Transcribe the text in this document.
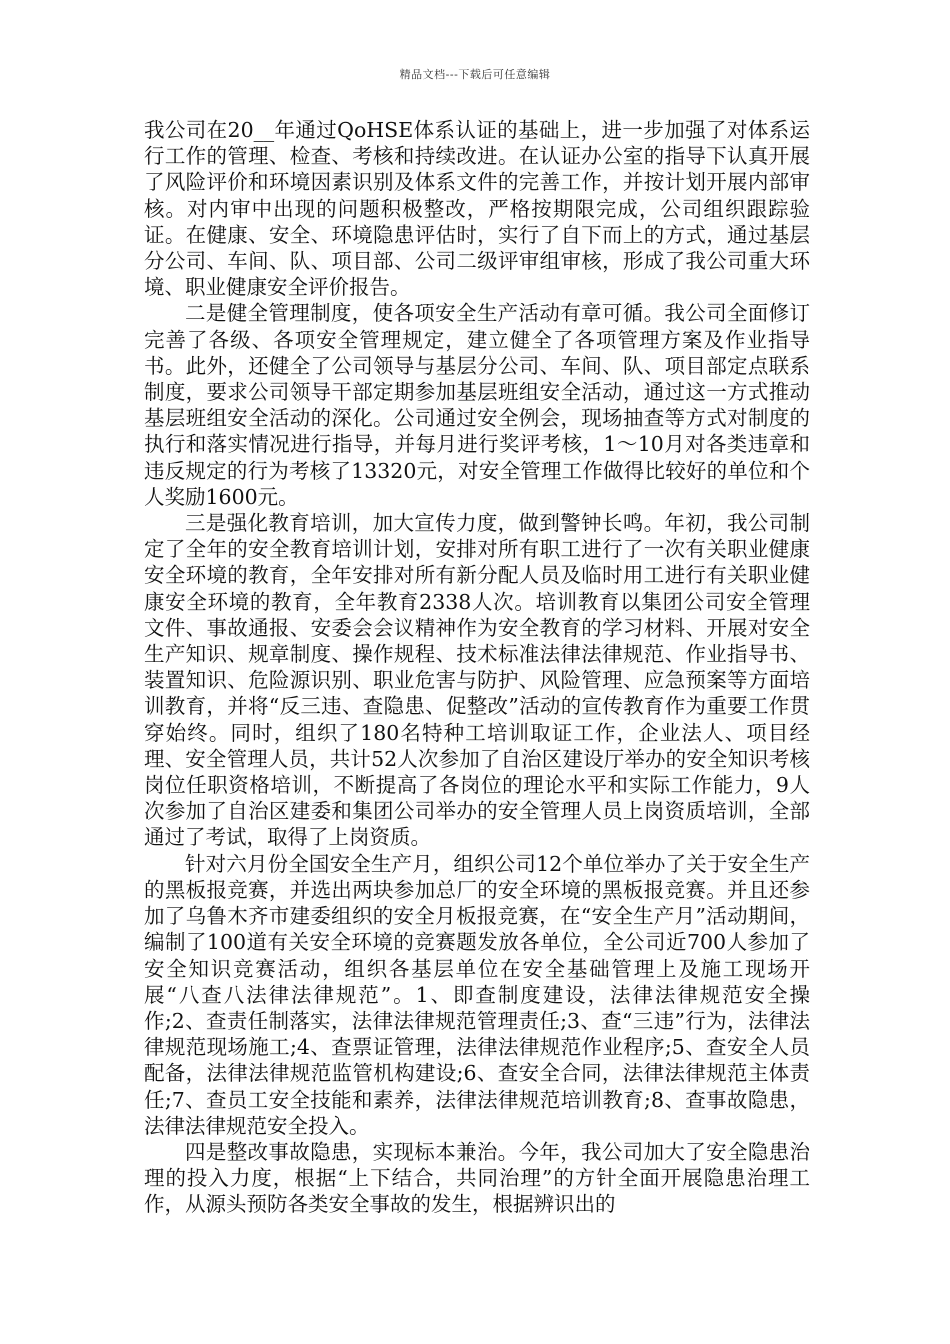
精品文档---下载后可任意编辑

我公司在20__年通过QoHSE体系认证的基础上，进一步加强了对体系运行工作的管理、检查、考核和持续改进。在认证办公室的指导下认真开展了风险评价和环境因素识别及体系文件的完善工作，并按计划开展内部审核。对内审中出现的问题积极整改，严格按期限完成，公司组织跟踪验证。在健康、安全、环境隐患评估时，实行了自下而上的方式，通过基层分公司、车间、队、项目部、公司二级评审组审核，形成了我公司重大环境、职业健康安全评价报告。

二是健全管理制度，使各项安全生产活动有章可循。我公司全面修订完善了各级、各项安全管理规定，建立健全了各项管理方案及作业指导书。此外，还健全了公司领导与基层分公司、车间、队、项目部定点联系制度，要求公司领导干部定期参加基层班组安全活动，通过这一方式推动基层班组安全活动的深化。公司通过安全例会，现场抽查等方式对制度的执行和落实情况进行指导，并每月进行奖评考核，1～10月对各类违章和违反规定的行为考核了13320元，对安全管理工作做得比较好的单位和个人奖励1600元。

三是强化教育培训，加大宣传力度，做到警钟长鸣。年初，我公司制定了全年的安全教育培训计划，安排对所有职工进行了一次有关职业健康安全环境的教育，全年安排对所有新分配人员及临时用工进行有关职业健康安全环境的教育，全年教育2338人次。培训教育以集团公司安全管理文件、事故通报、安委会会议精神作为安全教育的学习材料、开展对安全生产知识、规章制度、操作规程、技术标准法律法律规范、作业指导书、装置知识、危险源识别、职业危害与防护、风险管理、应急预案等方面培训教育，并将“反三违、查隐患、促整改”活动的宣传教育作为重要工作贯穿始终。同时，组织了180名特种工培训取证工作，企业法人、项目经理、安全管理人员，共计52人次参加了自治区建设厅举办的安全知识考核岗位任职资格培训，不断提高了各岗位的理论水平和实际工作能力，9人次参加了自治区建委和集团公司举办的安全管理人员上岗资质培训，全部通过了考试，取得了上岗资质。

针对六月份全国安全生产月，组织公司12个单位举办了关于安全生产的黑板报竞赛，并选出两块参加总厂的安全环境的黑板报竞赛。并且还参加了乌鲁木齐市建委组织的安全月板报竞赛，在“安全生产月”活动期间，编制了100道有关安全环境的竞赛题发放各单位，全公司近700人参加了安全知识竞赛活动，组织各基层单位在安全基础管理上及施工现场开展“八查八法律法律规范”。1、即查制度建设，法律法律规范安全操作;2、查责任制落实，法律法律规范管理责任;3、查“三违”行为，法律法律规范现场施工;4、查票证管理，法律法律规范作业程序;5、查安全人员配备，法律法律规范监管机构建设;6、查安全合同，法律法律规范主体责任;7、查员工安全技能和素养，法律法律规范培训教育;8、查事故隐患，法律法律规范安全投入。

四是整改事故隐患，实现标本兼治。今年，我公司加大了安全隐患治理的投入力度，根据“上下结合，共同治理”的方针全面开展隐患治理工作，从源头预防各类安全事故的发生，根据辨识出的
